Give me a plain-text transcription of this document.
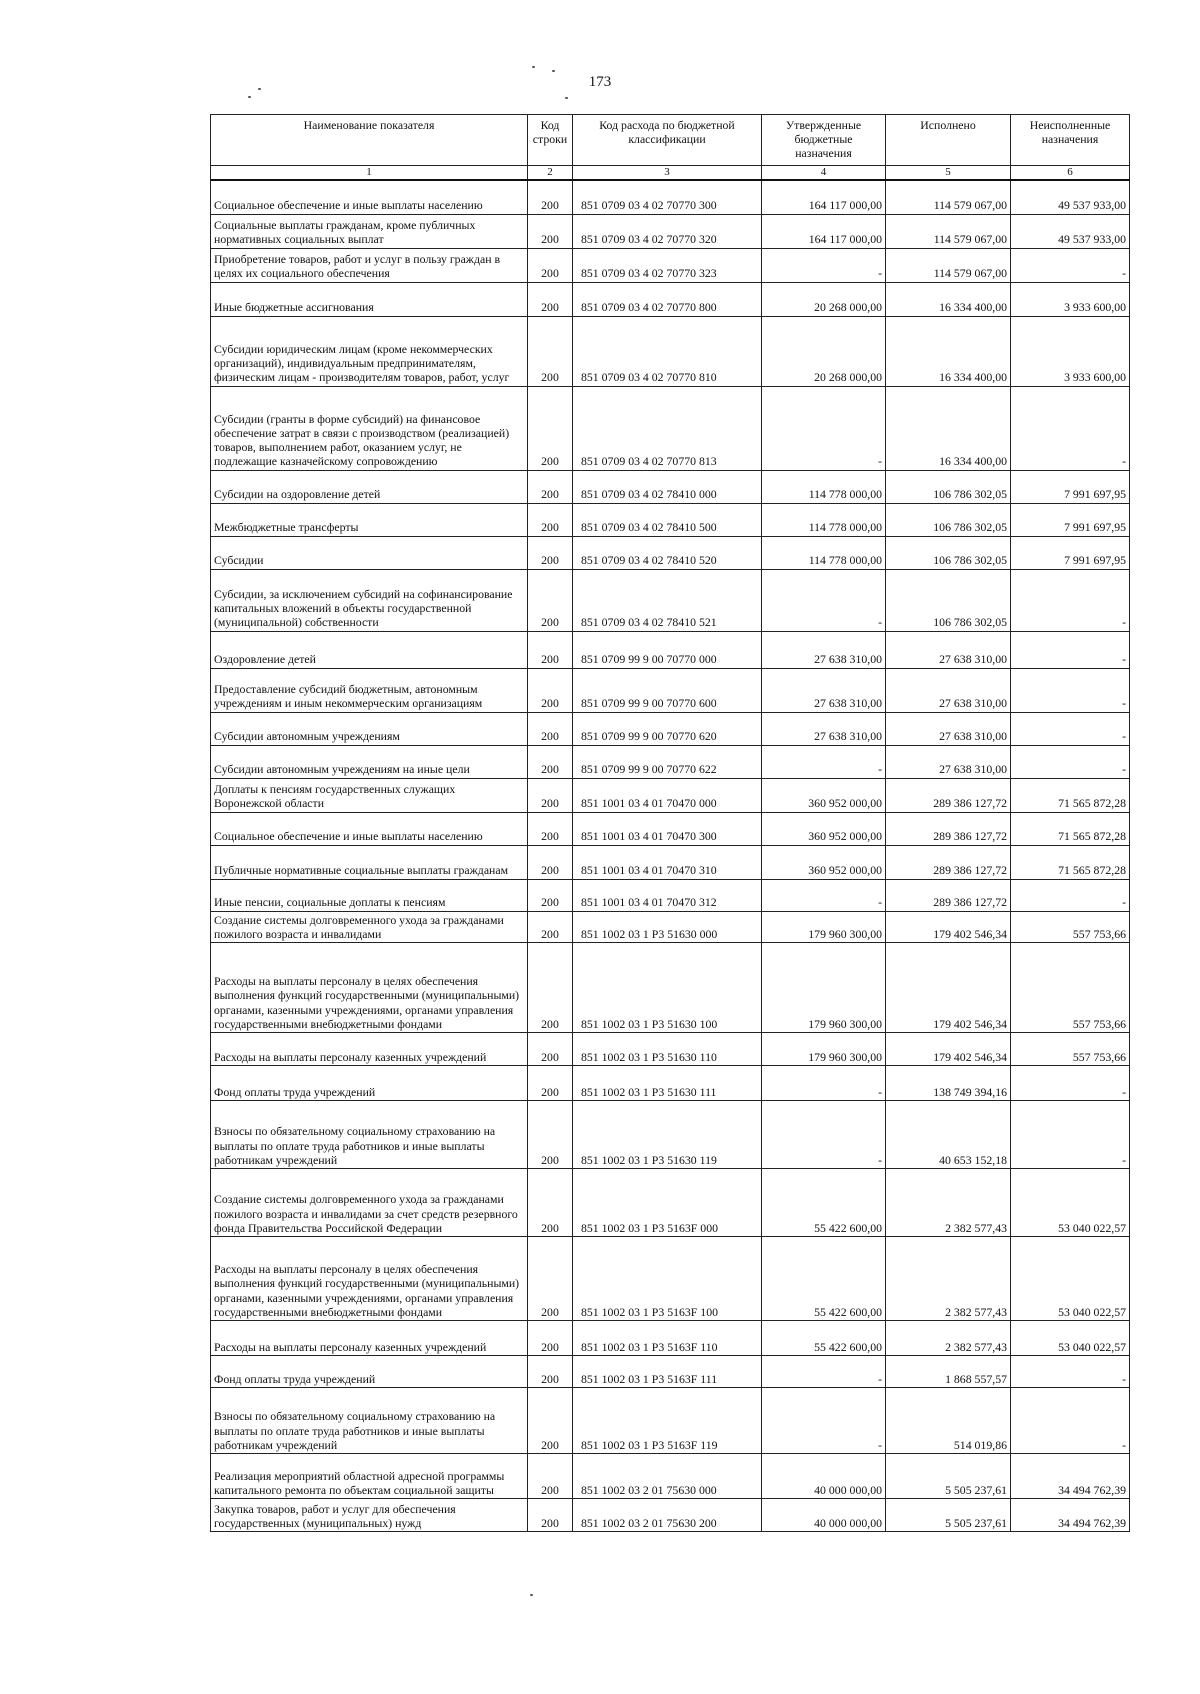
173
Наименование показателя	Код строки	Код расхода по бюджетной классификации	Утвержденные бюджетные назначения	Исполнено	Неисполненные назначения
1	2	3	4	5	6
Социальное обеспечение и иные выплаты населению	200	851 0709 03 4 02 70770 300	164 117 000,00	114 579 067,00	49 537 933,00
Социальные выплаты гражданам, кроме публичных нормативных социальных выплат	200	851 0709 03 4 02 70770 320	164 117 000,00	114 579 067,00	49 537 933,00
Приобретение товаров, работ и услуг в пользу граждан в целях их социального обеспечения	200	851 0709 03 4 02 70770 323	-	114 579 067,00	-
Иные бюджетные ассигнования	200	851 0709 03 4 02 70770 800	20 268 000,00	16 334 400,00	3 933 600,00
Субсидии юридическим лицам (кроме некоммерческих организаций), индивидуальным предпринимателям, физическим лицам - производителям товаров, работ, услуг	200	851 0709 03 4 02 70770 810	20 268 000,00	16 334 400,00	3 933 600,00
Субсидии (гранты в форме субсидий) на финансовое обеспечение затрат в связи с производством (реализацией) товаров, выполнением работ, оказанием услуг, не подлежащие казначейскому сопровождению	200	851 0709 03 4 02 70770 813	-	16 334 400,00	-
Субсидии на оздоровление детей	200	851 0709 03 4 02 78410 000	114 778 000,00	106 786 302,05	7 991 697,95
Межбюджетные трансферты	200	851 0709 03 4 02 78410 500	114 778 000,00	106 786 302,05	7 991 697,95
Субсидии	200	851 0709 03 4 02 78410 520	114 778 000,00	106 786 302,05	7 991 697,95
Субсидии, за исключением субсидий на софинансирование капитальных вложений в объекты государственной (муниципальной) собственности	200	851 0709 03 4 02 78410 521	-	106 786 302,05	-
Оздоровление детей	200	851 0709 99 9 00 70770 000	27 638 310,00	27 638 310,00	-
Предоставление субсидий бюджетным, автономным учреждениям и иным некоммерческим организациям	200	851 0709 99 9 00 70770 600	27 638 310,00	27 638 310,00	-
Субсидии автономным учреждениям	200	851 0709 99 9 00 70770 620	27 638 310,00	27 638 310,00	-
Субсидии автономным учреждениям на иные цели	200	851 0709 99 9 00 70770 622	-	27 638 310,00	-
Доплаты к пенсиям государственных служащих Воронежской области	200	851 1001 03 4 01 70470 000	360 952 000,00	289 386 127,72	71 565 872,28
Социальное обеспечение и иные выплаты населению	200	851 1001 03 4 01 70470 300	360 952 000,00	289 386 127,72	71 565 872,28
Публичные нормативные социальные выплаты гражданам	200	851 1001 03 4 01 70470 310	360 952 000,00	289 386 127,72	71 565 872,28
Иные пенсии, социальные доплаты к пенсиям	200	851 1001 03 4 01 70470 312	-	289 386 127,72	-
Создание системы долговременного ухода за гражданами пожилого возраста и инвалидами	200	851 1002 03 1 P3 51630 000	179 960 300,00	179 402 546,34	557 753,66
Расходы на выплаты персоналу в целях обеспечения выполнения функций государственными (муниципальными) органами, казенными учреждениями, органами управления государственными внебюджетными фондами	200	851 1002 03 1 P3 51630 100	179 960 300,00	179 402 546,34	557 753,66
Расходы на выплаты персоналу казенных учреждений	200	851 1002 03 1 P3 51630 110	179 960 300,00	179 402 546,34	557 753,66
Фонд оплаты труда учреждений	200	851 1002 03 1 P3 51630 111	-	138 749 394,16	-
Взносы по обязательному социальному страхованию на выплаты по оплате труда работников и иные выплаты работникам учреждений	200	851 1002 03 1 P3 51630 119	-	40 653 152,18	-
Создание системы долговременного ухода за гражданами пожилого возраста и инвалидами за счет средств резервного фонда Правительства Российской Федерации	200	851 1002 03 1 P3 5163F 000	55 422 600,00	2 382 577,43	53 040 022,57
Расходы на выплаты персоналу в целях обеспечения выполнения функций государственными (муниципальными) органами, казенными учреждениями, органами управления государственными внебюджетными фондами	200	851 1002 03 1 P3 5163F 100	55 422 600,00	2 382 577,43	53 040 022,57
Расходы на выплаты персоналу казенных учреждений	200	851 1002 03 1 P3 5163F 110	55 422 600,00	2 382 577,43	53 040 022,57
Фонд оплаты труда учреждений	200	851 1002 03 1 P3 5163F 111	-	1 868 557,57	-
Взносы по обязательному социальному страхованию на выплаты по оплате труда работников и иные выплаты работникам учреждений	200	851 1002 03 1 P3 5163F 119	-	514 019,86	-
Реализация мероприятий областной адресной программы капитального ремонта по объектам социальной защиты	200	851 1002 03 2 01 75630 000	40 000 000,00	5 505 237,61	34 494 762,39
Закупка товаров, работ и услуг для обеспечения государственных (муниципальных) нужд	200	851 1002 03 2 01 75630 200	40 000 000,00	5 505 237,61	34 494 762,39
